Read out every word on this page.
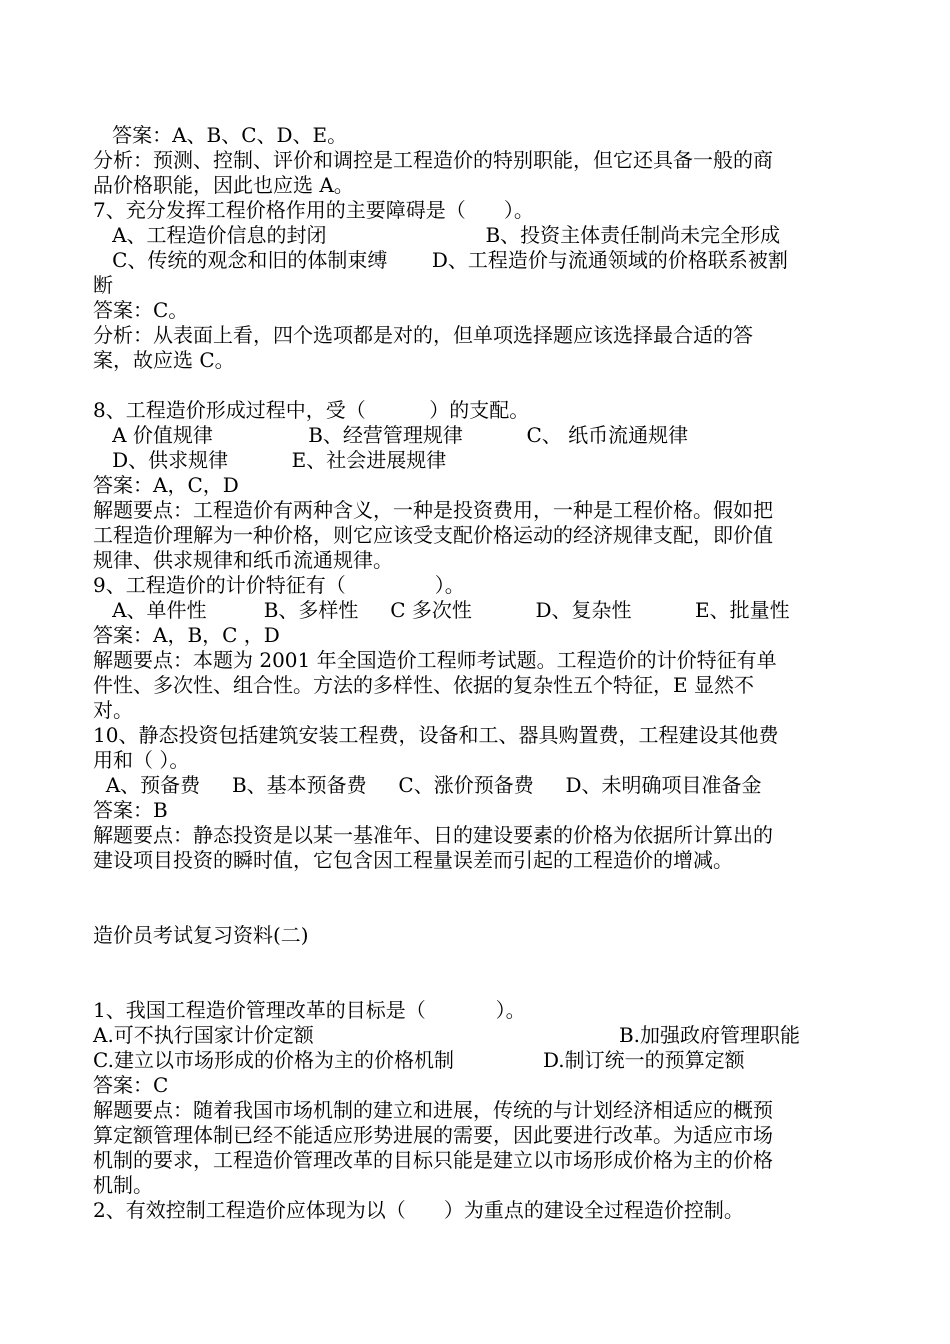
答案：A、B、C、D、E。
分析：预测、控制、评价和调控是工程造价的特别职能，但它还具备一般的商
品价格职能，因此也应选 A。
7、充分发挥工程价格作用的主要障碍是（      ）。
A、工程造价信息的封闭                         B、投资主体责任制尚未完全形成
C、传统的观念和旧的体制束缚       D、工程造价与流通领域的价格联系被割
断
答案：C。
分析：从表面上看，四个选项都是对的，但单项选择题应该选择最合适的答
案，故应选 C。
8、工程造价形成过程中，受（          ）的支配。
A 价值规律               B、经营管理规律          C、 纸币流通规律
D、供求规律          E、社会进展规律
答案：A，C，D
解题要点：工程造价有两种含义，一种是投资费用，一种是工程价格。假如把
工程造价理解为一种价格，则它应该受支配价格运动的经济规律支配，即价值
规律、供求规律和纸币流通规律。
9、工程造价的计价特征有（              ）。
A、单件性         B、多样性     C 多次性          D、复杂性          E、批量性
答案：A，B，C ，D
解题要点：本题为 2001 年全国造价工程师考试题。工程造价的计价特征有单
件性、多次性、组合性。方法的多样性、依据的复杂性五个特征，E 显然不
对。
10、静态投资包括建筑安装工程费，设备和工、器具购置费，工程建设其他费
用和（ ）。
A、预备费     B、基本预备费     C、涨价预备费     D、未明确项目准备金
答案：B
解题要点：静态投资是以某一基准年、日的建设要素的价格为依据所计算出的
建设项目投资的瞬时值，它包含因工程量误差而引起的工程造价的增减。
造价员考试复习资料(二)
1、我国工程造价管理改革的目标是（           ）。
A.可不执行国家计价定额                                                B.加强政府管理职能
C.建立以市场形成的价格为主的价格机制              D.制订统一的预算定额
答案：C
解题要点：随着我国市场机制的建立和进展，传统的与计划经济相适应的概预
算定额管理体制已经不能适应形势进展的需要，因此要进行改革。为适应市场
机制的要求，工程造价管理改革的目标只能是建立以市场形成价格为主的价格
机制。
2、有效控制工程造价应体现为以（      ）为重点的建设全过程造价控制。
